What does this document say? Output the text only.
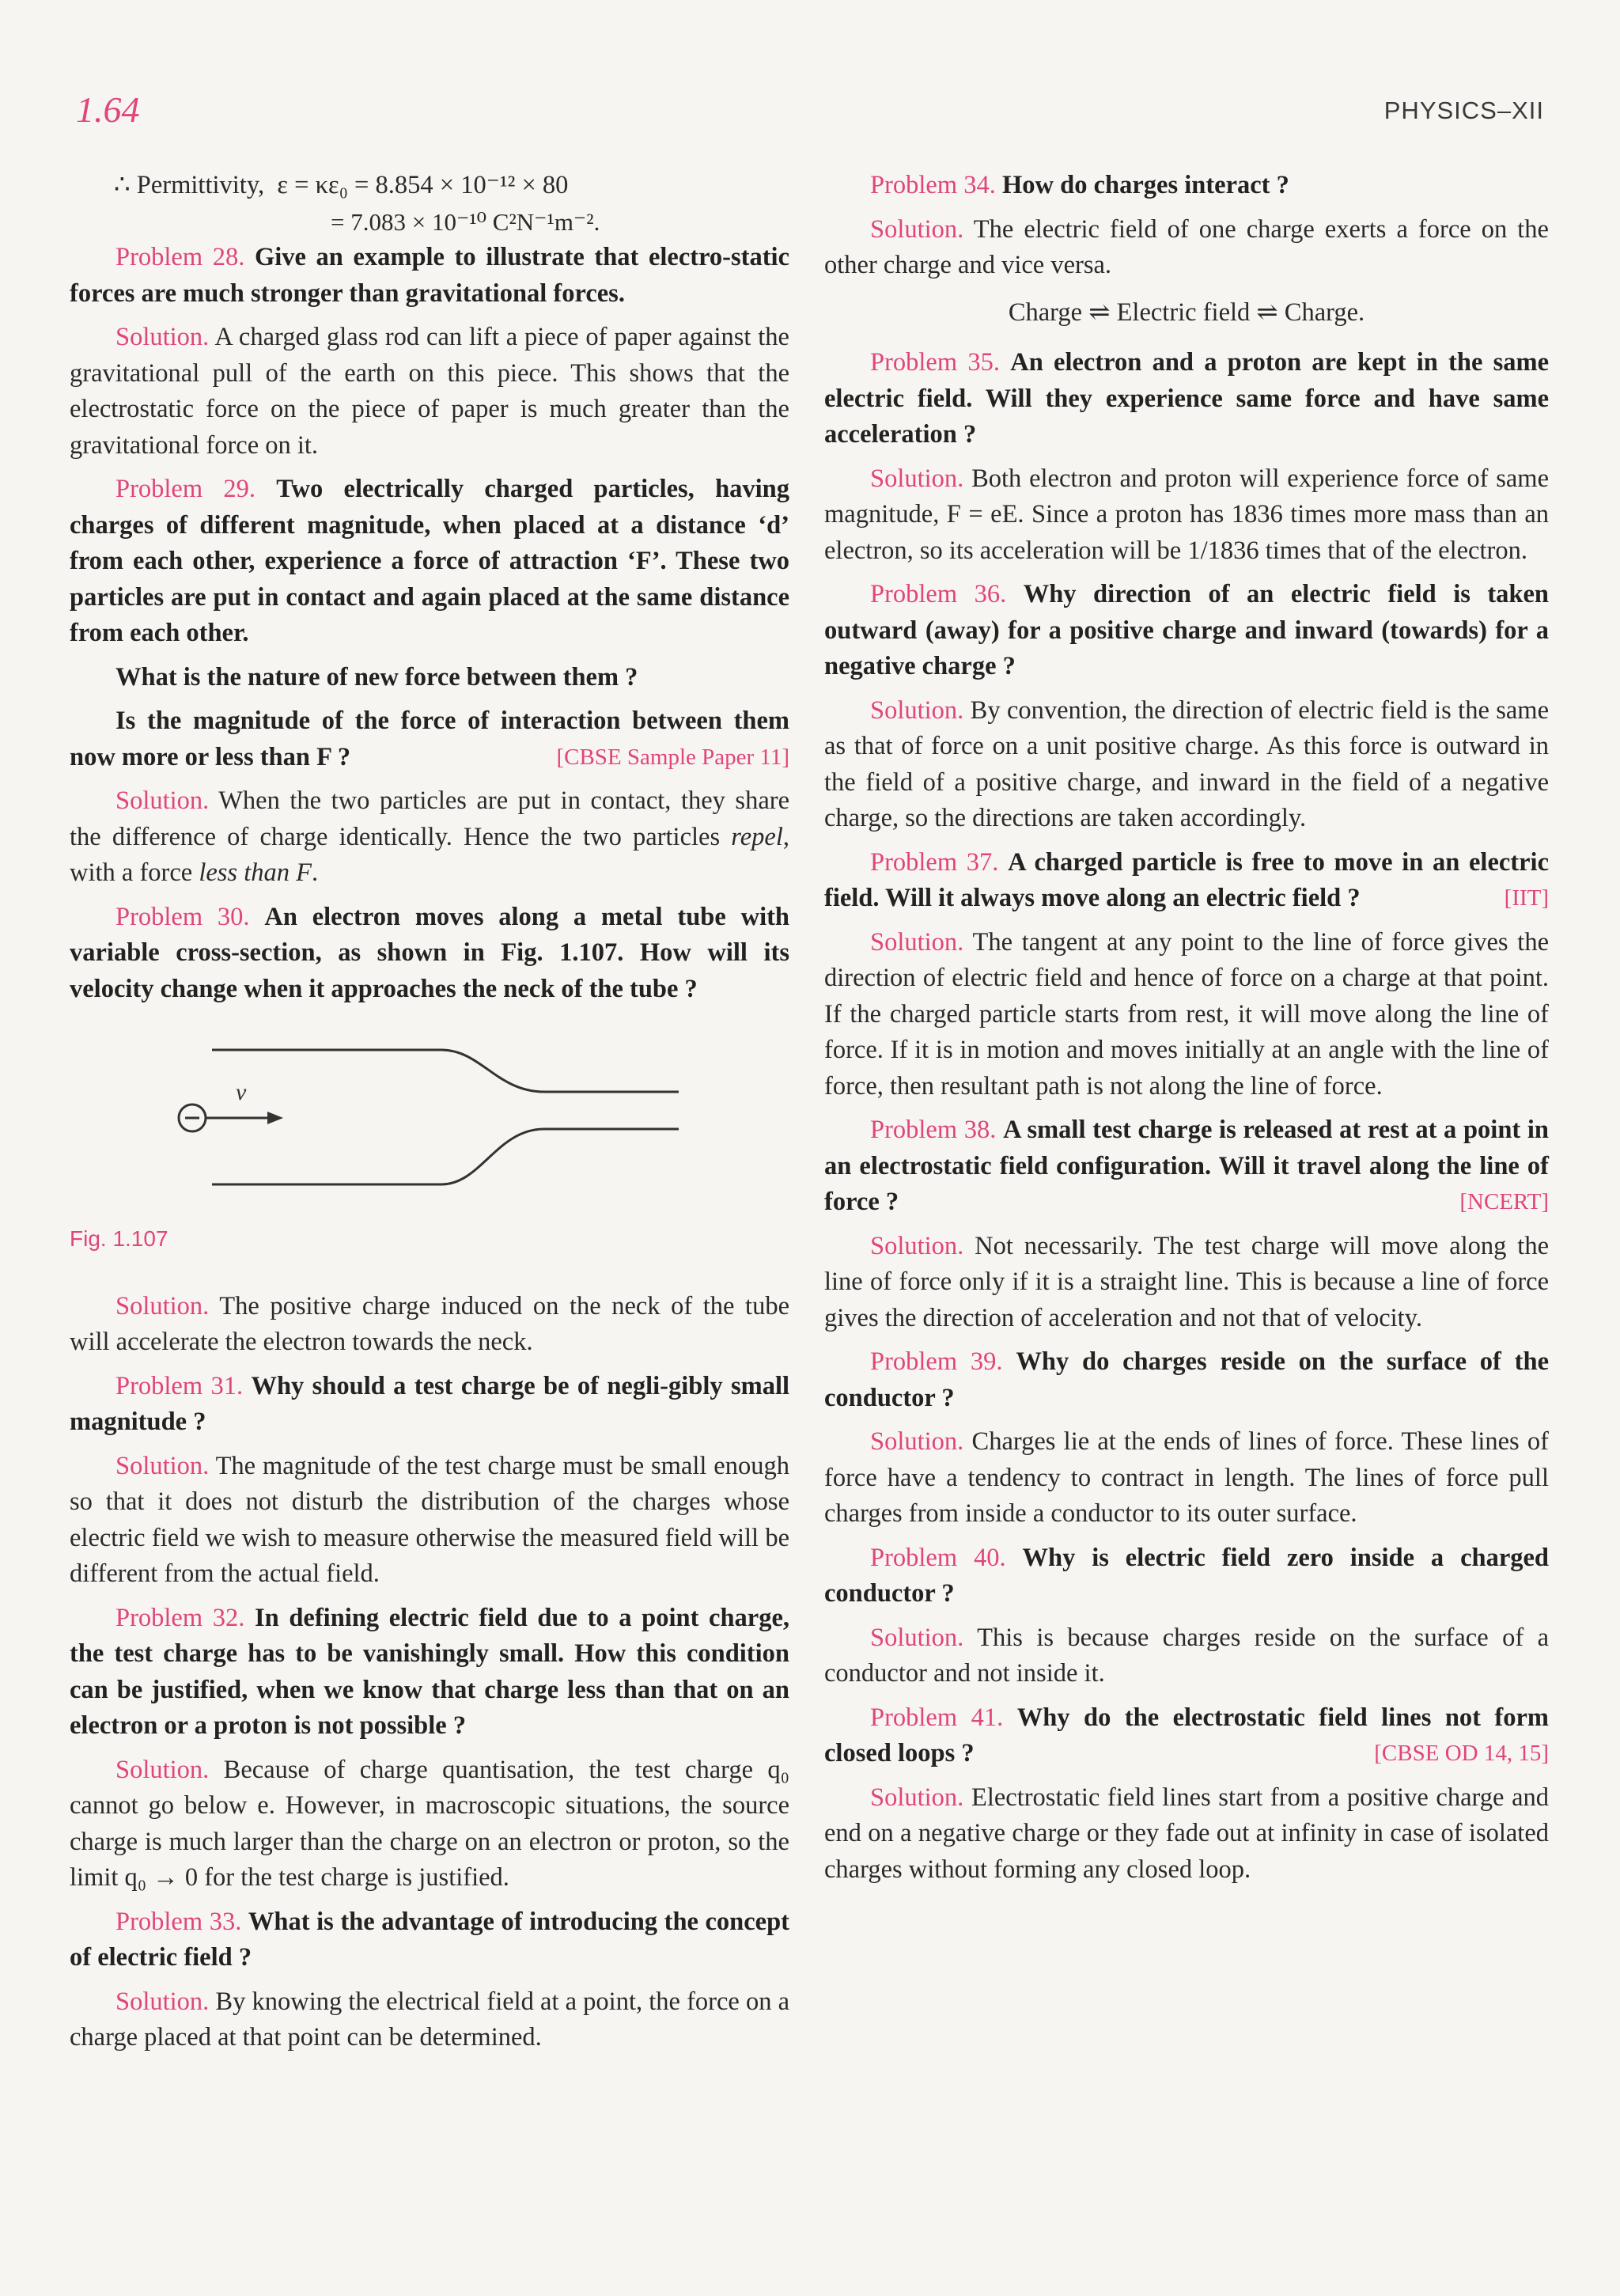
1.64	PHYSICS–XII

∴ Permittivity,  ε = κε₀ = 8.854 × 10⁻¹² × 80

= 7.083 × 10⁻¹⁰ C²N⁻¹m⁻².

Problem 28. Give an example to illustrate that electro-static forces are much stronger than gravitational forces.

Solution. A charged glass rod can lift a piece of paper against the gravitational pull of the earth on this piece. This shows that the electrostatic force on the piece of paper is much greater than the gravitational force on it.

Problem 29. Two electrically charged particles, having charges of different magnitude, when placed at a distance ‘d’ from each other, experience a force of attraction ‘F’. These two particles are put in contact and again placed at the same distance from each other.

What is the nature of new force between them ?

Is the magnitude of the force of interaction between them now more or less than F ?	[CBSE Sample Paper 11]

Solution. When the two particles are put in contact, they share the difference of charge identically. Hence the two particles repel, with a force less than F.

Problem 30. An electron moves along a metal tube with variable cross-section, as shown in Fig. 1.107. How will its velocity change when it approaches the neck of the tube ?

v
Fig. 1.107

Solution. The positive charge induced on the neck of the tube will accelerate the electron towards the neck.

Problem 31. Why should a test charge be of negli-gibly small magnitude ?

Solution. The magnitude of the test charge must be small enough so that it does not disturb the distribution of the charges whose electric field we wish to measure otherwise the measured field will be different from the actual field.

Problem 32. In defining electric field due to a point charge, the test charge has to be vanishingly small. How this condition can be justified, when we know that charge less than that on an electron or a proton is not possible ?

Solution. Because of charge quantisation, the test charge q₀ cannot go below e. However, in macroscopic situations, the source charge is much larger than the charge on an electron or proton, so the limit q₀ → 0 for the test charge is justified.

Problem 33. What is the advantage of introducing the concept of electric field ?

Solution. By knowing the electrical field at a point, the force on a charge placed at that point can be determined.

Problem 34. How do charges interact ?

Solution. The electric field of one charge exerts a force on the other charge and vice versa.

Charge ⇌ Electric field ⇌ Charge.

Problem 35. An electron and a proton are kept in the same electric field. Will they experience same force and have same acceleration ?

Solution. Both electron and proton will experience force of same magnitude, F = eE. Since a proton has 1836 times more mass than an electron, so its acceleration will be 1/1836 times that of the electron.

Problem 36. Why direction of an electric field is taken outward (away) for a positive charge and inward (towards) for a negative charge ?

Solution. By convention, the direction of electric field is the same as that of force on a unit positive charge. As this force is outward in the field of a positive charge, and inward in the field of a negative charge, so the directions are taken accordingly.

Problem 37. A charged particle is free to move in an electric field. Will it always move along an electric field ?	[IIT]

Solution. The tangent at any point to the line of force gives the direction of electric field and hence of force on a charge at that point. If the charged particle starts from rest, it will move along the line of force. If it is in motion and moves initially at an angle with the line of force, then resultant path is not along the line of force.

Problem 38. A small test charge is released at rest at a point in an electrostatic field configuration. Will it travel along the line of force ?	[NCERT]

Solution. Not necessarily. The test charge will move along the line of force only if it is a straight line. This is because a line of force gives the direction of acceleration and not that of velocity.

Problem 39. Why do charges reside on the surface of the conductor ?

Solution. Charges lie at the ends of lines of force. These lines of force have a tendency to contract in length. The lines of force pull charges from inside a conductor to its outer surface.

Problem 40. Why is electric field zero inside a charged conductor ?

Solution. This is because charges reside on the surface of a conductor and not inside it.

Problem 41. Why do the electrostatic field lines not form closed loops ?	[CBSE OD 14, 15]

Solution. Electrostatic field lines start from a positive charge and end on a negative charge or they fade out at infinity in case of isolated charges without forming any closed loop.
